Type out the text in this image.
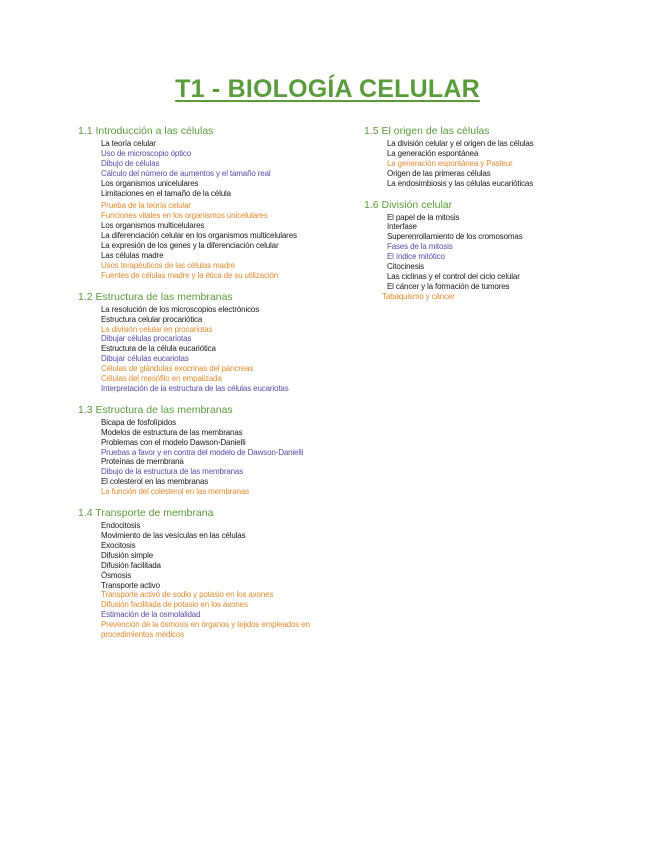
T1 - BIOLOGÍA CELULAR
1.1 Introducción a las células
La teoría celular
Uso de microscopio óptico
Dibujo de células
Cálculo del número de aumentos y el tamaño real
Los organismos unicelulares
Limitaciones en el tamaño de la célula
Prueba de la teoría celular
Funciones vitales en los organismos unicelulares
Los organismos multicelulares
La diferenciación celular en los organismos multicelulares
La expresión de los genes y la diferenciación celular
Las células madre
Usos terapéuticos de las células madre
Fuentes de células madre y la ética de su utilización
1.2 Estructura de las membranas
La resolución de los microscopios electrónicos
Estructura celular procariótica
La división celular en procariotas
Dibujar células procariotas
Estructura de la célula eucariótica
Dibujar células eucariotas
Células de glándulas exocrinas del páncreas
Células del mesófilo en empalizada
Interpretación de la estructura de las células eucariotas
1.3 Estructura de las membranas
Bicapa de fosfolípidos
Modelos de estructura de las membranas
Problemas con el modelo Dawson-Danielli
Pruebas a favor y en contra del modelo de Dawson-Danielli
Proteínas de membrana
Dibujo de la estructura de las membranas
El colesterol en las membranas
La función del colesterol en las membranas
1.4 Transporte de membrana
Endocitosis
Movimiento de las vesículas en las células
Exocitosis
Difusión simple
Difusión facilitada
Ósmosis
Transporte activo
Transporte activo de sodio y potasio en los axones
Difusión facilitada de potasio en los axones
Estimación de la osmolalidad
Prevención de la ósmosis en órganos y tejidos empleados en procedimientos médicos
1.5 El origen de las células
La división celular y el origen de las células
La generación espontánea
La generación espontánea y Pasteur
Origen de las primeras células
La endosimbiosis y las células eucarióticas
1.6 División celular
El papel de la mitosis
Interfase
Superenrollamiento de los cromosomas
Fases de la mitosis
El índice mitótico
Citocinesis
Las ciclinas y el control del ciclo celular
El cáncer y la formación de tumores
Tabaquismo y cáncer
